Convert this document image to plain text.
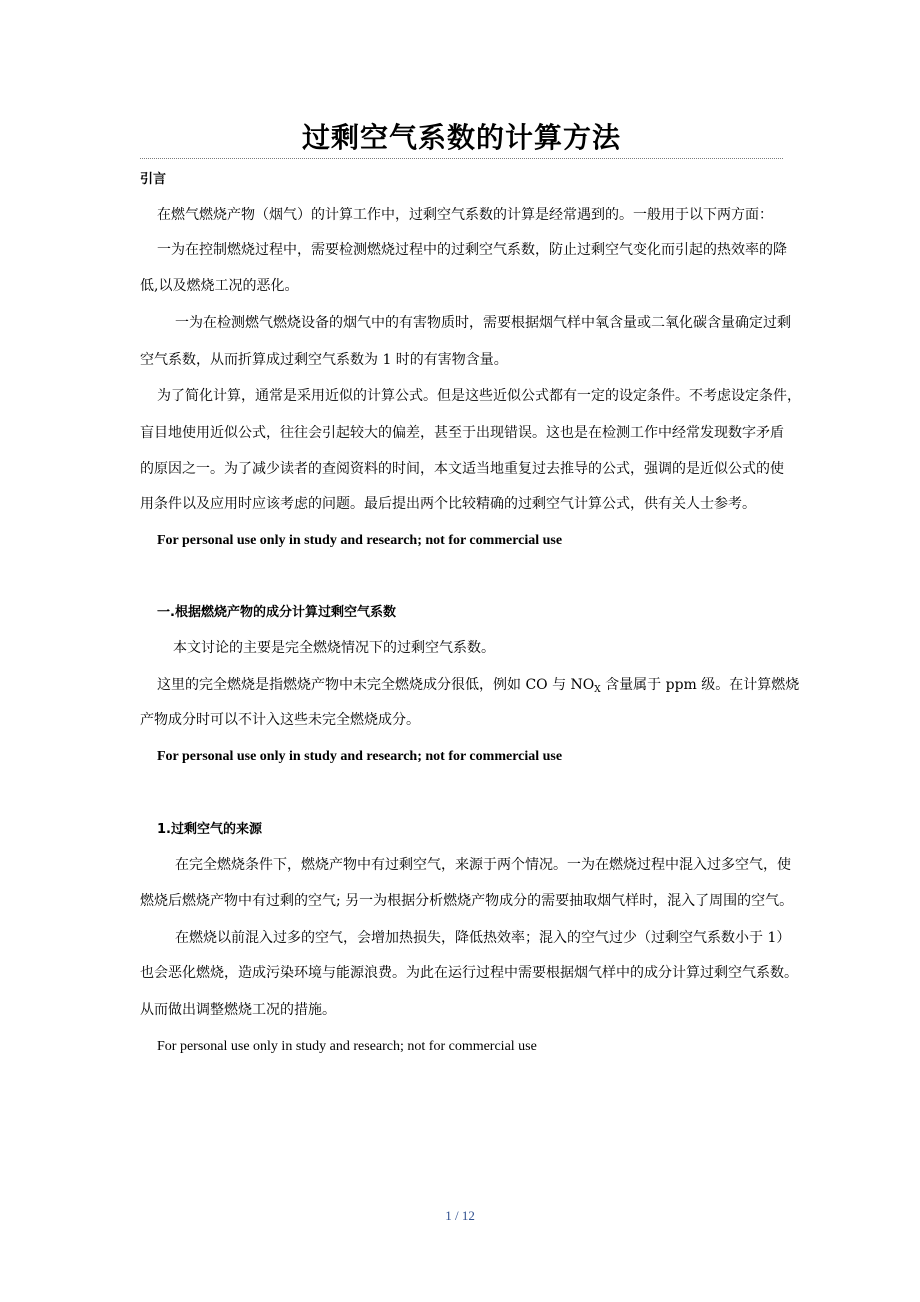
过剩空气系数的计算方法
引言
在燃气燃烧产物（烟气）的计算工作中，过剩空气系数的计算是经常遇到的。一般用于以下两方面：
一为在控制燃烧过程中，需要检测燃烧过程中的过剩空气系数，防止过剩空气变化而引起的热效率的降
低,以及燃烧工况的恶化。
一为在检测燃气燃烧设备的烟气中的有害物质时，需要根据烟气样中氧含量或二氧化碳含量确定过剩
空气系数，从而折算成过剩空气系数为 1 时的有害物含量。
为了简化计算，通常是采用近似的计算公式。但是这些近似公式都有一定的设定条件。不考虑设定条件，
盲目地使用近似公式，往往会引起较大的偏差，甚至于出现错误。这也是在检测工作中经常发现数字矛盾
的原因之一。为了减少读者的查阅资料的时间，本文适当地重复过去推导的公式，强调的是近似公式的使
用条件以及应用时应该考虑的问题。最后提出两个比较精确的过剩空气计算公式，供有关人士参考。
For personal use only in study and research; not for commercial use
一.根据燃烧产物的成分计算过剩空气系数
本文讨论的主要是完全燃烧情况下的过剩空气系数。
这里的完全燃烧是指燃烧产物中未完全燃烧成分很低，例如 CO 与 $NO_X$ 含量属于 ppm 级。在计算燃烧
产物成分时可以不计入这些未完全燃烧成分。
For personal use only in study and research; not for commercial use
1.过剩空气的来源
在完全燃烧条件下，燃烧产物中有过剩空气，来源于两个情况。一为在燃烧过程中混入过多空气，使
燃烧后燃烧产物中有过剩的空气; 另一为根据分析燃烧产物成分的需要抽取烟气样时，混入了周围的空气。
在燃烧以前混入过多的空气，会增加热损失，降低热效率；混入的空气过少（过剩空气系数小于 1）
也会恶化燃烧，造成污染环境与能源浪费。为此在运行过程中需要根据烟气样中的成分计算过剩空气系数。
从而做出调整燃烧工况的措施。
For personal use only in study and research; not for commercial use
1 / 12
